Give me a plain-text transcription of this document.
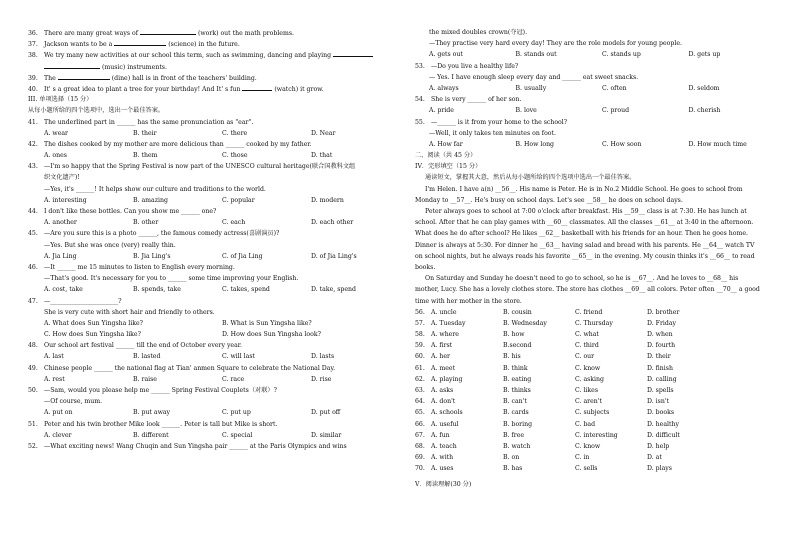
36. There are many great ways of	(work) out the math problems.
37. Jackson wants to be a	(science) in the future.
38. We try many new activities at our school this term, such as swimming, dancing and playing
(music) instruments.
39. The	(dine) hall is in front of the teachers' building.
40. It' s a great idea to plant a tree for your birthday! And It' s fun	(watch) it grow.
III. 单项选择（15 分）
从每小题所给的四个选项中，选出一个最佳答案。
41. The underlined part in ______ has the same pronunciation as "ear".
A. wear	B. their	C. there	D. Near
42. The dishes cooked by my mother are more delicious than ______ cooked by my father.
A. ones	B. them	C. those	D. that
43. —I'm so happy that the Spring Festival is now part of the UNESCO cultural heritage(联合国教科文组
织文化遗产)!
—Yes, it's ______! It helps show our culture and traditions to the world.
A. interesting	B. amazing	C. popular	D. modern
44. I don't like these bottles. Can you show me ______ one?
A. another	B. other	C. each	D. each other
45. —Are you sure this is a photo ______, the famous comedy actress(喜剧演员)?
—Yes. But she was once (very) really thin.
A. Jia Ling	B. Jia Ling's	C. of Jia Ling	D. of Jia Ling's
46. —It ______ me 15 minutes to listen to English every morning.
—That's good. It's necessary for you to ______ some time improving your English.
A. cost, take	B. spends, take	C. takes, spend	D. take, spend
47. —______________________?
She is very cute with short hair and friendly to others.
A. What does Sun Yingsha like?	B. What is Sun Yingsha like?
C. How does Sun Yingsha like?	D. How does Sun Yingsha look?
48. Our school art festival ______ till the end of October every year.
A. last	B. lasted	C. will last	D. lasts
49. Chinese people ______ the national flag at Tian' anmen Square to celebrate the National Day.
A. rest	B. raise	C. race	D. rise
50. —Sam, would you please help me ______ Spring Festival Couplets（对联）?
—Of course, mum.
A. put on	B. put away	C. put up	D. put off
51. Peter and his twin brother Mike look ______. Peter is tall but Mike is short.
A. clever	B. different	C. special	D. similar
52. —What exciting news! Wang Chuqin and Sun Yingsha pair ______ at the Paris Olympics and wins
the mixed doubles crown(夺冠).
—They practise very hard every day! They are the role models for young people.
A. gets out	B. stands out	C. stands up	D. gets up
53. —Do you live a healthy life?
— Yes. I have enough sleep every day and ______ eat sweet snacks.
A. always	B. usually	C. often	D. seldom
54. She is very ______ of her son.
A. pride	B. love	C. proud	D. cherish
55. —______ is it from your home to the school?
—Well, it only takes ten minutes on foot.
A. How far	B. How long	C. How soon	D. How much time
二、阅读（共 45 分）
IV．完形填空（15 分）
通读短文，掌握其大意，然后从每小题所给的四个选项中选出一个最佳答案。
I'm Helen. I have a(n) __56__. His name is Peter. He is in No.2 Middle School. He goes to school from
Monday to __57__. He's busy on school days. Let's see __58__ he does on school days.
Peter always goes to school at 7:00 o'clock after breakfast. His __59__ class is at 7:30. He has lunch at
school. After that he can play games with __60__ classmates. All the classes __61__ at 3:40 in the afternoon.
What does he do after school? He likes __62__ basketball with his friends for an hour. Then he goes home.
Dinner is always at 5:30. For dinner he __63__ having salad and bread with his parents. He __64__ watch TV
on school nights, but he always reads his favorite __65__ in the evening. My cousin thinks it's __66__ to read
books.
On Saturday and Sunday he doesn't need to go to school, so he is __67__. And he loves to __68__ his
mother, Lucy. She has a lovely clothes store. The store has clothes __69__ all colors. Peter often __70__ a good
time with her mother in the store.
56. A. uncle	B. cousin	C. friend	D. brother
57. A. Tuesday	B. Wednesday	C. Thursday	D. Friday
58. A. where	B. how	C. what	D. when
59. A. first	B.second	C. third	D. fourth
60. A. her	B. his	C. our	D. their
61. A. meet	B. think	C. know	D. finish
62. A. playing	B. eating	C. asking	D. calling
63. A. asks	B. thinks	C. likes	D. spells
64. A. don't	B. can't	C. aren't	D. isn't
65. A. schools	B. cards	C. subjects	D. books
66. A. useful	B. boring	C. bad	D. healthy
67. A. fun	B. free	C. interesting	D. difficult
68. A. teach	B. watch	C. know	D. help
69. A. with	B. on	C. in	D. at
70. A. uses	B. has	C. sells	D. plays
V．阅读理解(30 分)
